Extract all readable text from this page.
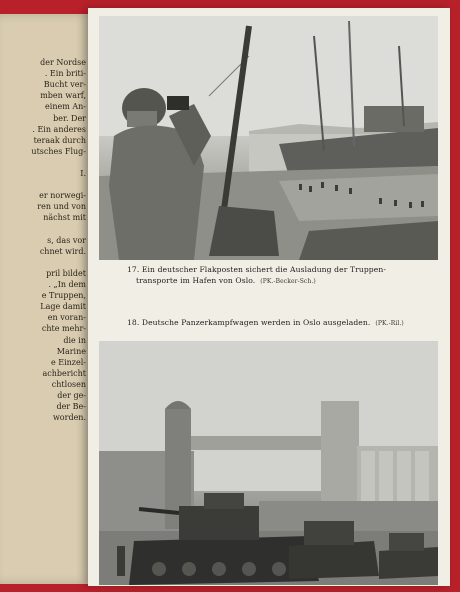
der Nordse
. Ein briti-
Bucht ver-
mben warf,
einem An-
ber. Der
. Ein anderes
teraak durch
utsches Flug-
I.
er norwegi-
ren und von
nächst mit
s, das vor
chnet wird.
pril bildet
. „In dem
e Truppen,
Lage damit
en voran-
chte mehr-
die in
Marine
e Einzel-
achbericht
chtlosen
der ge-
der Be-
worden.
17. Ein deutscher Flakposten sichert die Ausladung der Truppen-
transporte im Hafen von Oslo. (PK.-Becker-Sch.)
18. Deutsche Panzerkampfwagen werden in Oslo ausgeladen. (PK.-Ril.)
